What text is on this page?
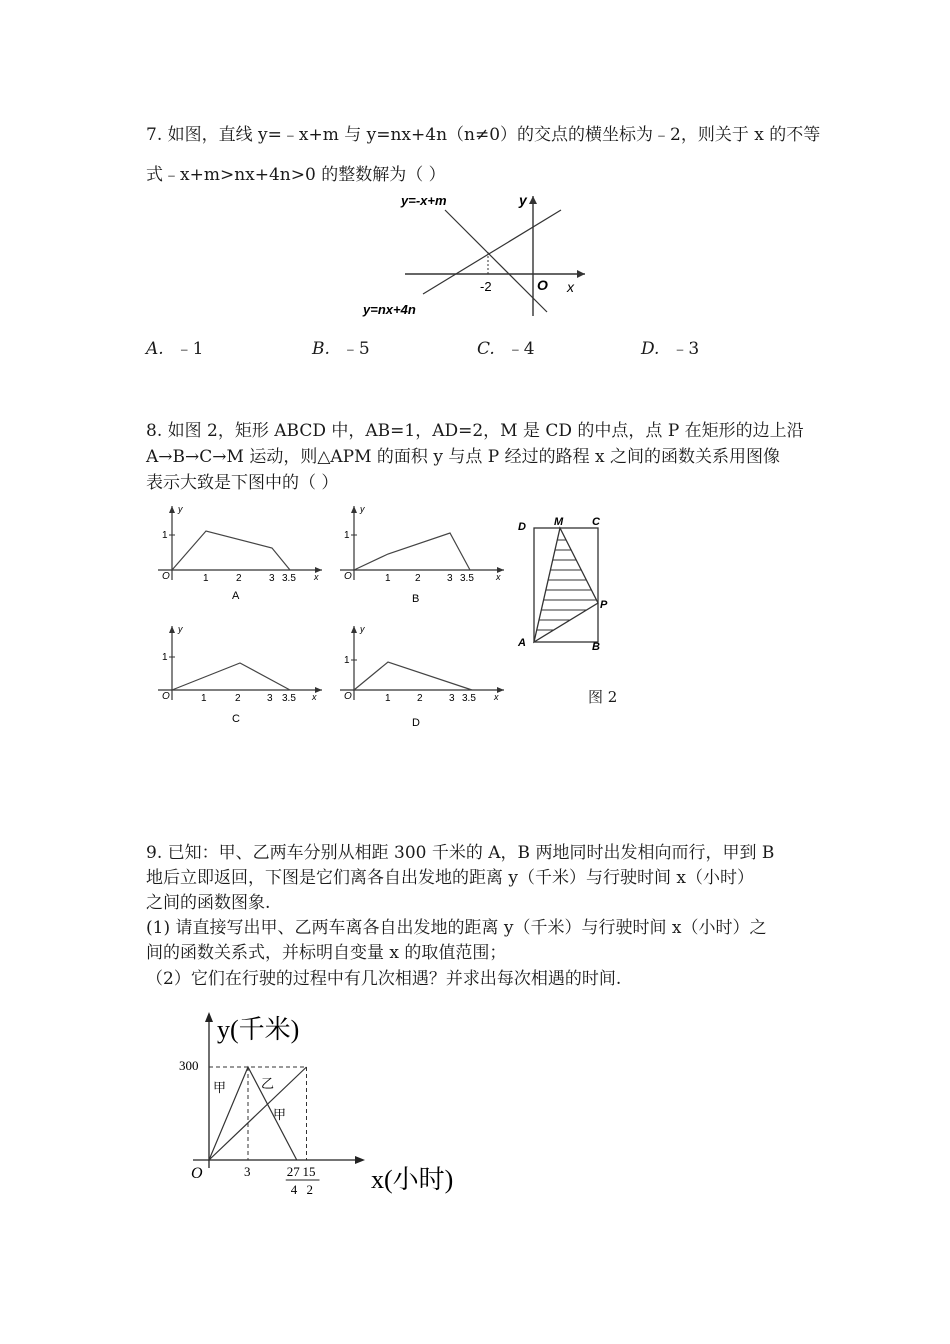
7. 如图，直线 y=﹣x+m 与 y=nx+4n（n≠0）的交点的横坐标为﹣2，则关于 x 的不等
式﹣x+m>nx+4n>0 的整数解为（ ）
y=-x+m
y=nx+4n
y
x
O
-2
A. ﹣1	B. ﹣5	C. ﹣4	D. ﹣3
8. 如图 2，矩形 ABCD 中，AB=1，AD=2，M 是 CD 的中点，点 P 在矩形的边上沿
A→B→C→M 运动，则△APM 的面积 y 与点 P 经过的路程 x 之间的函数关系用图像
表示大致是下图中的（ ）
y
x
O
1
1	2	3 3.5
A
y
x
O
1
1 2	3 3.5
B
y
x
O
1
1	2	3 3.5
C
y
x
O
1
1	2	3 3.5
D
D	M	C
P
A	B
图 2
9. 已知：甲、乙两车分别从相距 300 千米的 A，B 两地同时出发相向而行，甲到 B
地后立即返回，下图是它们离各自出发地的距离 y（千米）与行驶时间 x（小时）
之间的函数图象.
(1) 请直接写出甲、乙两车离各自出发地的距离 y（千米）与行驶时间 x（小时）之
间的函数关系式，并标明自变量 x 的取值范围；
（2）它们在行驶的过程中有几次相遇？并求出每次相遇的时间.
y(千米)
x(小时)
O
300
3	27
4
15
2
甲	乙
甲
